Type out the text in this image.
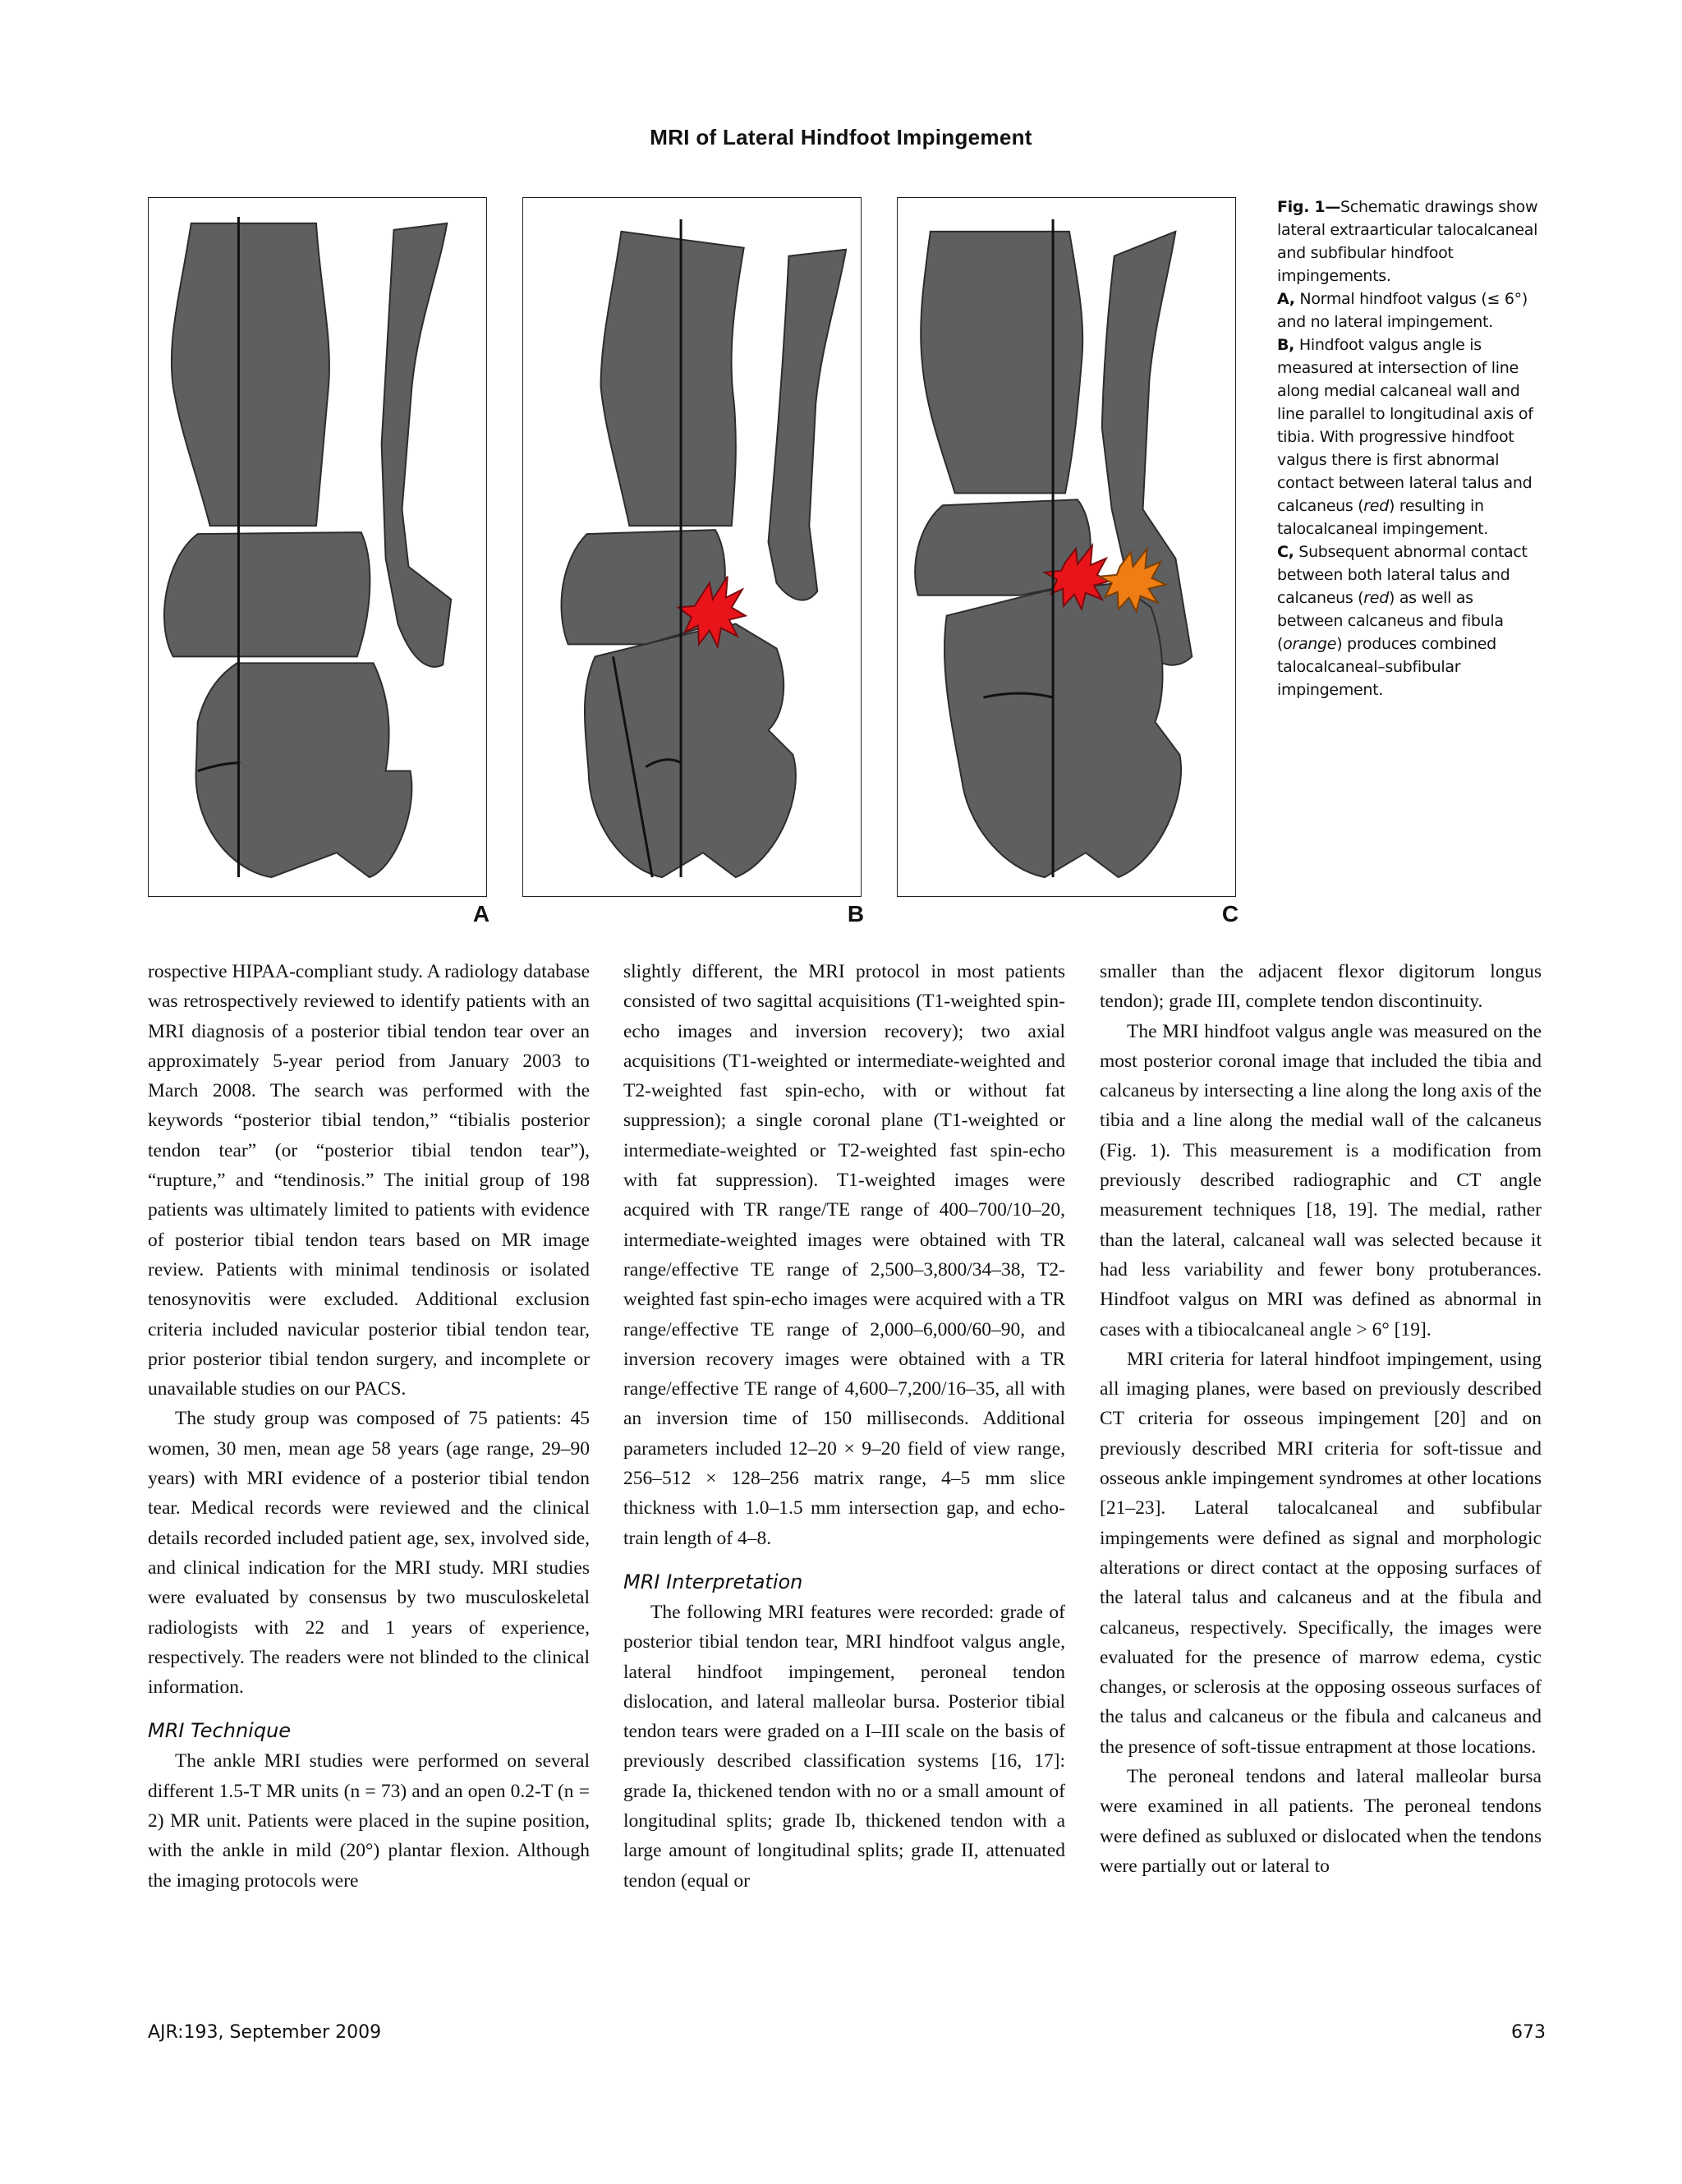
MRI of Lateral Hindfoot Impingement
A	B	C

Fig. 1—Schematic drawings show lateral extraarticular talocalcaneal and subfibular hindfoot impingements.

A, Normal hindfoot valgus (≤ 6°) and no lateral impingement.

B, Hindfoot valgus angle is measured at intersection of line along medial calcaneal wall and line parallel to longitudinal axis of tibia. With progressive hindfoot valgus there is first abnormal contact between lateral talus and calcaneus (red) resulting in talocalcaneal impingement.

C, Subsequent abnormal contact between both lateral talus and calcaneus (red) as well as between calcaneus and fibula (orange) produces combined talocalcaneal–subfibular impingement.

rospective HIPAA-compliant study. A radiology database was retrospectively reviewed to identify patients with an MRI diagnosis of a posterior tibial tendon tear over an approximately 5-year period from January 2003 to March 2008. The search was performed with the keywords “posterior tibial tendon,” “tibialis posterior tendon tear” (or “posterior tibial tendon tear”), “rupture,” and “tendinosis.” The initial group of 198 patients was ultimately limited to patients with evidence of posterior tibial tendon tears based on MR image review. Patients with minimal tendinosis or isolated tenosynovitis were excluded. Additional exclusion criteria included navicular posterior tibial tendon tear, prior posterior tibial tendon surgery, and incomplete or unavailable studies on our PACS.

The study group was composed of 75 patients: 45 women, 30 men, mean age 58 years (age range, 29–90 years) with MRI evidence of a posterior tibial tendon tear. Medical records were reviewed and the clinical details recorded included patient age, sex, involved side, and clinical indication for the MRI study. MRI studies were evaluated by consensus by two musculoskeletal radiologists with 22 and 1 years of experience, respectively. The readers were not blinded to the clinical information.

MRI Technique

The ankle MRI studies were performed on several different 1.5-T MR units (n = 73) and an open 0.2-T (n = 2) MR unit. Patients were placed in the supine position, with the ankle in mild (20°) plantar flexion. Although the imaging protocols were

slightly different, the MRI protocol in most patients consisted of two sagittal acquisitions (T1-weighted spin-echo images and inversion recovery); two axial acquisitions (T1-weighted or intermediate-weighted and T2-weighted fast spin-echo, with or without fat suppression); a single coronal plane (T1-weighted or intermediate-weighted or T2-weighted fast spin-echo with fat suppression). T1-weighted images were acquired with TR range/TE range of 400–700/10–20, intermediate-weighted images were obtained with TR range/effective TE range of 2,500–3,800/34–38, T2-weighted fast spin-echo images were acquired with a TR range/effective TE range of 2,000–6,000/60–90, and inversion recovery images were obtained with a TR range/effective TE range of 4,600–7,200/16–35, all with an inversion time of 150 milliseconds. Additional parameters included 12–20 × 9–20 field of view range, 256–512 × 128–256 matrix range, 4–5 mm slice thickness with 1.0–1.5 mm intersection gap, and echo-train length of 4–8.

MRI Interpretation

The following MRI features were recorded: grade of posterior tibial tendon tear, MRI hindfoot valgus angle, lateral hindfoot impingement, peroneal tendon dislocation, and lateral malleolar bursa. Posterior tibial tendon tears were graded on a I–III scale on the basis of previously described classification systems [16, 17]: grade Ia, thickened tendon with no or a small amount of longitudinal splits; grade Ib, thickened tendon with a large amount of longitudinal splits; grade II, attenuated tendon (equal or

smaller than the adjacent flexor digitorum longus tendon); grade III, complete tendon discontinuity.

The MRI hindfoot valgus angle was measured on the most posterior coronal image that included the tibia and calcaneus by intersecting a line along the long axis of the tibia and a line along the medial wall of the calcaneus (Fig. 1). This measurement is a modification from previously described radiographic and CT angle measurement techniques [18, 19]. The medial, rather than the lateral, calcaneal wall was selected because it had less variability and fewer bony protuberances. Hindfoot valgus on MRI was defined as abnormal in cases with a tibiocalcaneal angle > 6° [19].

MRI criteria for lateral hindfoot impingement, using all imaging planes, were based on previously described CT criteria for osseous impingement [20] and on previously described MRI criteria for soft-tissue and osseous ankle impingement syndromes at other locations [21–23]. Lateral talocalcaneal and subfibular impingements were defined as signal and morphologic alterations or direct contact at the opposing surfaces of the lateral talus and calcaneus and at the fibula and calcaneus, respectively. Specifically, the images were evaluated for the presence of marrow edema, cystic changes, or sclerosis at the opposing osseous surfaces of the talus and calcaneus or the fibula and calcaneus and the presence of soft-tissue entrapment at those locations.

The peroneal tendons and lateral malleolar bursa were examined in all patients. The peroneal tendons were defined as subluxed or dislocated when the tendons were partially out or lateral to

AJR:193, September 2009	673
